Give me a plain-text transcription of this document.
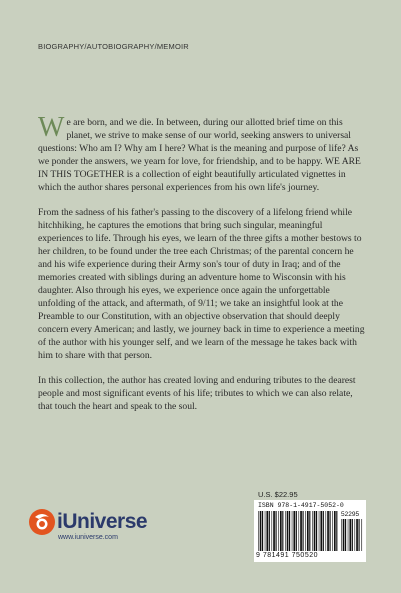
BIOGRAPHY/AUTOBIOGRAPHY/MEMOIR

We are born, and we die. In between, during our allotted brief time on this planet, we strive to make sense of our world, seeking answers to universal questions: Who am I? Why am I here? What is the meaning and purpose of life? As we ponder the answers, we yearn for love, for friendship, and to be happy. WE ARE IN THIS TOGETHER is a collection of eight beautifully articulated vignettes in which the author shares personal experiences from his own life's journey.

From the sadness of his father's passing to the discovery of a lifelong friend while hitchhiking, he captures the emotions that bring such singular, meaningful experiences to life. Through his eyes, we learn of the three gifts a mother bestows to her children, to be found under the tree each Christmas; of the parental concern he and his wife experience during their Army son's tour of duty in Iraq; and of the memories created with siblings during an adventure home to Wisconsin with his daughter. Also through his eyes, we experience once again the unforgettable unfolding of the attack, and aftermath, of 9/11; we take an insightful look at the Preamble to our Constitution, with an objective observation that should deeply concern every American; and lastly, we journey back in time to experience a meeting of the author with his younger self, and we learn of the message he takes back with him to share with that person.

In this collection, the author has created loving and enduring tributes to the dearest people and most significant events of his life; tributes to which we can also relate, that touch the heart and speak to the soul.

U.S. $22.95
ISBN 978-1-4917-5052-0
52295
9 781491 750520
iUniverse
www.iuniverse.com
